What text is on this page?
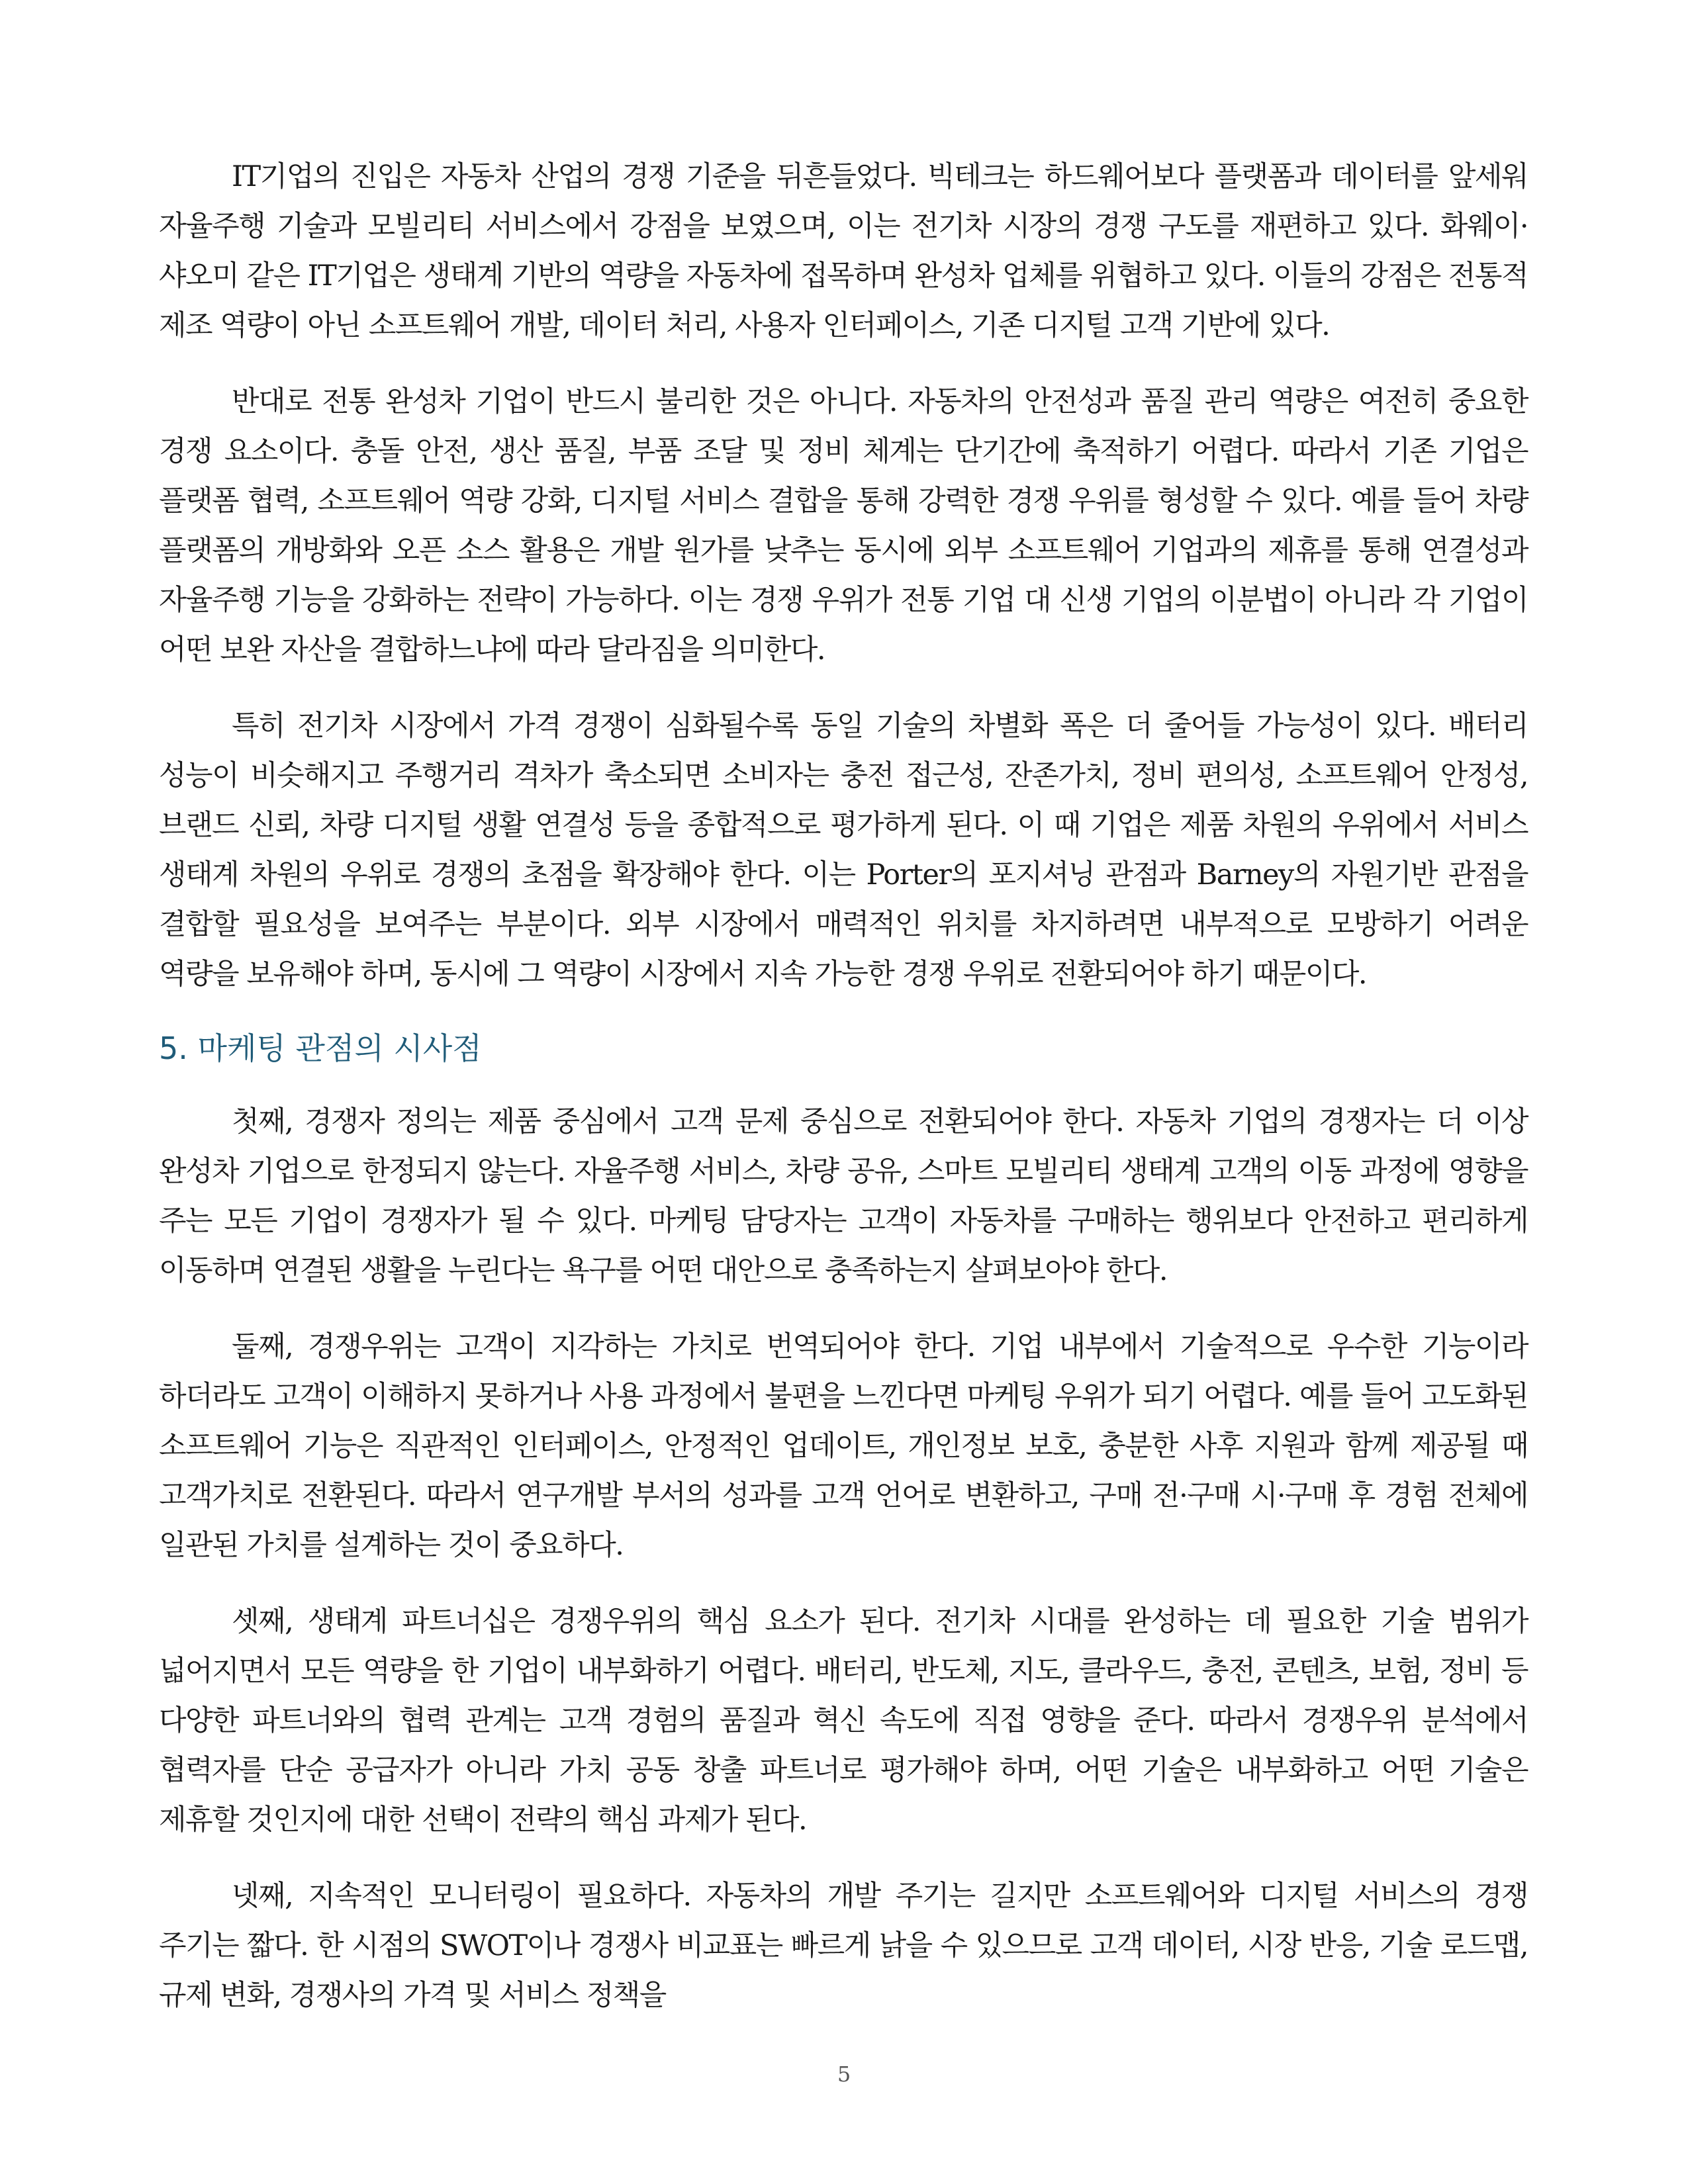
IT기업의 진입은 자동차 산업의 경쟁 기준을 뒤흔들었다. 빅테크는 하드웨어보다 플랫폼과 데이터를 앞세워 자율주행 기술과 모빌리티 서비스에서 강점을 보였으며, 이는 전기차 시장의 경쟁 구도를 재편하고 있다. 화웨이·샤오미 같은 IT기업은 생태계 기반의 역량을 자동차에 접목하며 완성차 업체를 위협하고 있다. 이들의 강점은 전통적 제조 역량이 아닌 소프트웨어 개발, 데이터 처리, 사용자 인터페이스, 기존 디지털 고객 기반에 있다.

반대로 전통 완성차 기업이 반드시 불리한 것은 아니다. 자동차의 안전성과 품질 관리 역량은 여전히 중요한 경쟁 요소이다. 충돌 안전, 생산 품질, 부품 조달 및 정비 체계는 단기간에 축적하기 어렵다. 따라서 기존 기업은 플랫폼 협력, 소프트웨어 역량 강화, 디지털 서비스 결합을 통해 강력한 경쟁 우위를 형성할 수 있다. 예를 들어 차량 플랫폼의 개방화와 오픈 소스 활용은 개발 원가를 낮추는 동시에 외부 소프트웨어 기업과의 제휴를 통해 연결성과 자율주행 기능을 강화하는 전략이 가능하다. 이는 경쟁 우위가 전통 기업 대 신생 기업의 이분법이 아니라 각 기업이 어떤 보완 자산을 결합하느냐에 따라 달라짐을 의미한다.

특히 전기차 시장에서 가격 경쟁이 심화될수록 동일 기술의 차별화 폭은 더 줄어들 가능성이 있다. 배터리 성능이 비슷해지고 주행거리 격차가 축소되면 소비자는 충전 접근성, 잔존가치, 정비 편의성, 소프트웨어 안정성, 브랜드 신뢰, 차량 디지털 생활 연결성 등을 종합적으로 평가하게 된다. 이 때 기업은 제품 차원의 우위에서 서비스 생태계 차원의 우위로 경쟁의 초점을 확장해야 한다. 이는 Porter의 포지셔닝 관점과 Barney의 자원기반 관점을 결합할 필요성을 보여주는 부분이다. 외부 시장에서 매력적인 위치를 차지하려면 내부적으로 모방하기 어려운 역량을 보유해야 하며, 동시에 그 역량이 시장에서 지속 가능한 경쟁 우위로 전환되어야 하기 때문이다.

5. 마케팅 관점의 시사점

첫째, 경쟁자 정의는 제품 중심에서 고객 문제 중심으로 전환되어야 한다. 자동차 기업의 경쟁자는 더 이상 완성차 기업으로 한정되지 않는다. 자율주행 서비스, 차량 공유, 스마트 모빌리티 생태계 고객의 이동 과정에 영향을 주는 모든 기업이 경쟁자가 될 수 있다. 마케팅 담당자는 고객이 자동차를 구매하는 행위보다 안전하고 편리하게 이동하며 연결된 생활을 누린다는 욕구를 어떤 대안으로 충족하는지 살펴보아야 한다.

둘째, 경쟁우위는 고객이 지각하는 가치로 번역되어야 한다. 기업 내부에서 기술적으로 우수한 기능이라 하더라도 고객이 이해하지 못하거나 사용 과정에서 불편을 느낀다면 마케팅 우위가 되기 어렵다. 예를 들어 고도화된 소프트웨어 기능은 직관적인 인터페이스, 안정적인 업데이트, 개인정보 보호, 충분한 사후 지원과 함께 제공될 때 고객가치로 전환된다. 따라서 연구개발 부서의 성과를 고객 언어로 변환하고, 구매 전·구매 시·구매 후 경험 전체에 일관된 가치를 설계하는 것이 중요하다.

셋째, 생태계 파트너십은 경쟁우위의 핵심 요소가 된다. 전기차 시대를 완성하는 데 필요한 기술 범위가 넓어지면서 모든 역량을 한 기업이 내부화하기 어렵다. 배터리, 반도체, 지도, 클라우드, 충전, 콘텐츠, 보험, 정비 등 다양한 파트너와의 협력 관계는 고객 경험의 품질과 혁신 속도에 직접 영향을 준다. 따라서 경쟁우위 분석에서 협력자를 단순 공급자가 아니라 가치 공동 창출 파트너로 평가해야 하며, 어떤 기술은 내부화하고 어떤 기술은 제휴할 것인지에 대한 선택이 전략의 핵심 과제가 된다.

넷째, 지속적인 모니터링이 필요하다. 자동차의 개발 주기는 길지만 소프트웨어와 디지털 서비스의 경쟁 주기는 짧다. 한 시점의 SWOT이나 경쟁사 비교표는 빠르게 낡을 수 있으므로 고객 데이터, 시장 반응, 기술 로드맵, 규제 변화, 경쟁사의 가격 및 서비스 정책을

5
